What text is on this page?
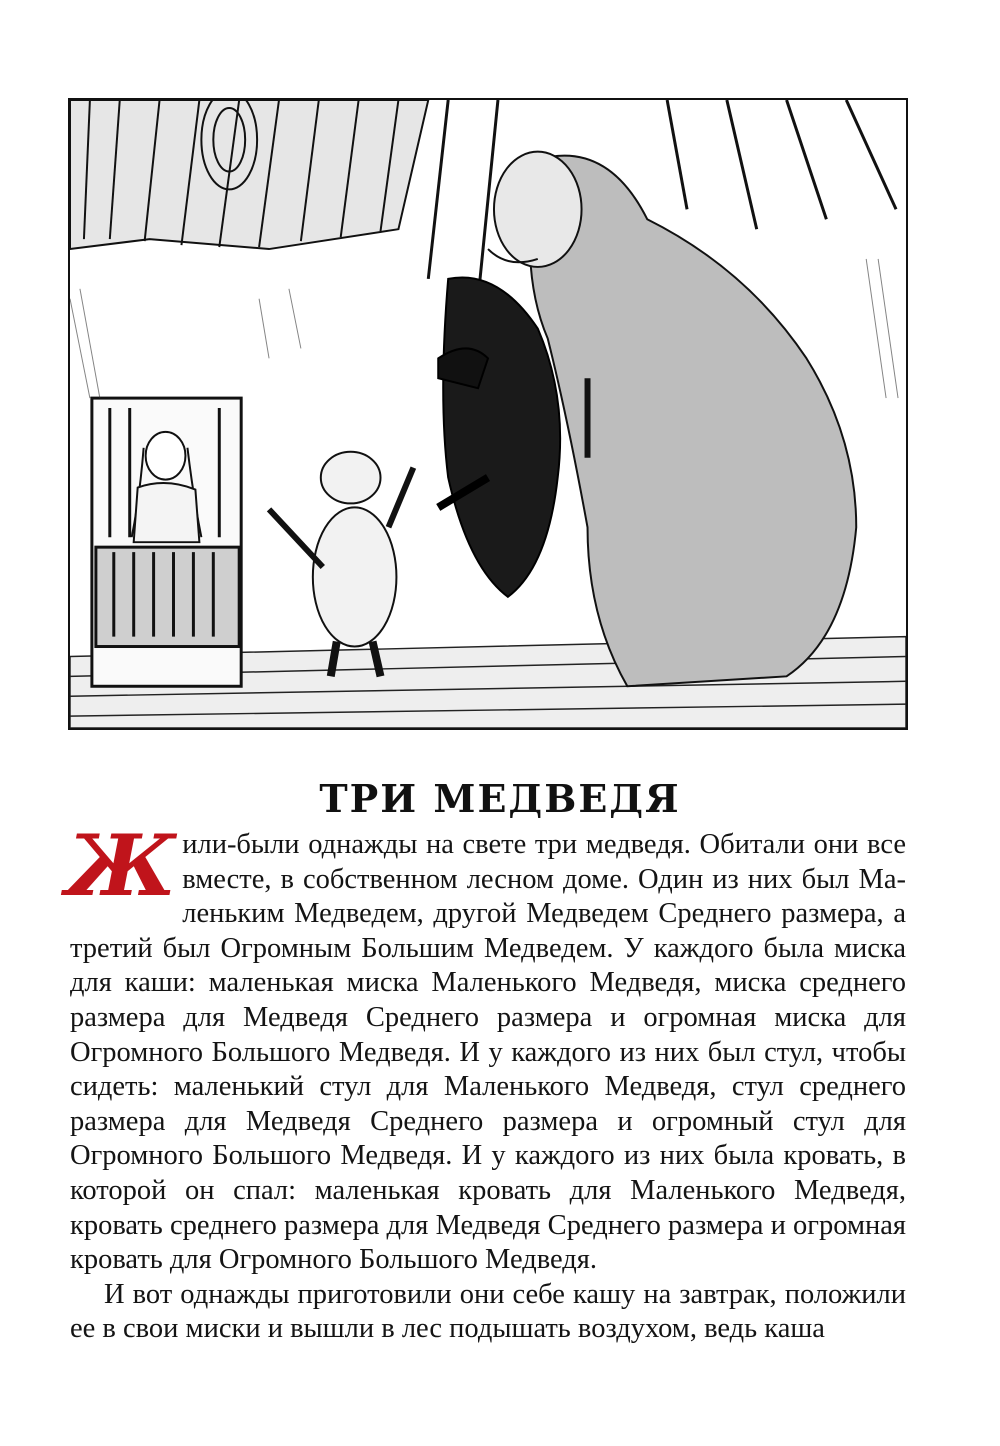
ТРИ МЕДВЕДЯ

Жили-были однажды на свете три медведя. Обитали они все вместе, в собственном лесном доме. Один из них был Маленьким Медведем, другой Медведем Среднего размера, а третий был Огромным Большим Медведем. У каждого была миска для каши: маленькая миска Маленького Медведя, миска среднего размера для Медведя Среднего размера и огромная миска для Огромного Большого Медведя. И у каждого из них был стул, чтобы сидеть: маленький стул для Маленького Медведя, стул среднего размера для Медведя Среднего размера и огромный стул для Огромного Большого Медведя. И у каждого из них была кровать, в которой он спал: маленькая кровать для Маленького Медведя, кровать среднего размера для Медведя Среднего размера и огромная кровать для Огромного Большого Медведя.

И вот однажды приготовили они себе кашу на завтрак, положили ее в свои миски и вышли в лес подышать воздухом, ведь каша
